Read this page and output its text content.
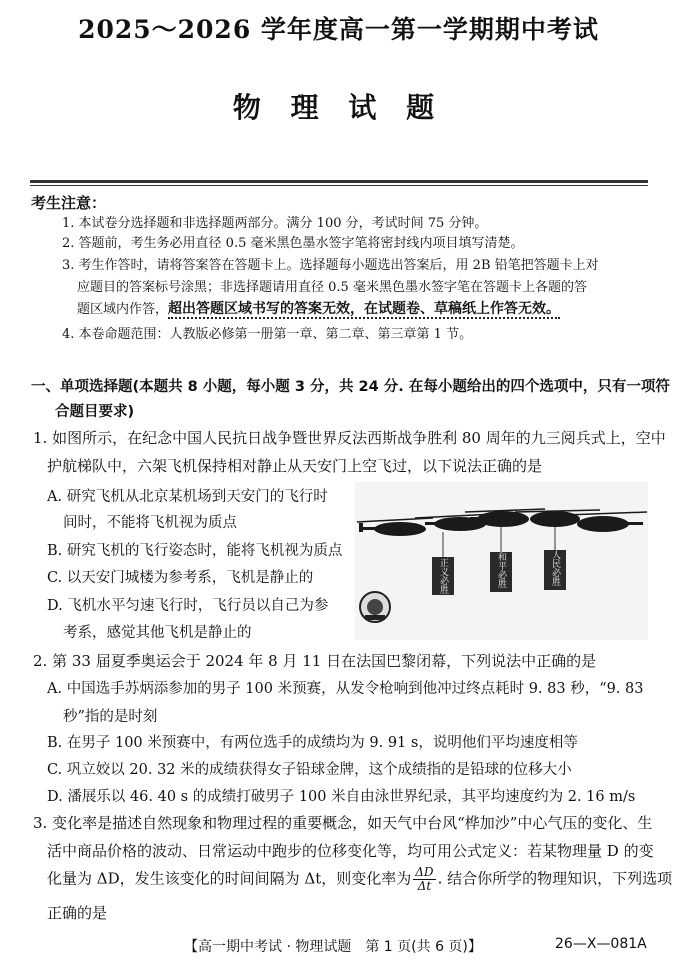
2025～2026 学年度高一第一学期期中考试
物 理 试 题
考生注意：
1. 本试卷分选择题和非选择题两部分。满分 100 分，考试时间 75 分钟。
2. 答题前，考生务必用直径 0.5 毫米黑色墨水签字笔将密封线内项目填写清楚。
3. 考生作答时，请将答案答在答题卡上。选择题每小题选出答案后，用 2B 铅笔把答题卡上对
应题目的答案标号涂黑；非选择题请用直径 0.5 毫米黑色墨水签字笔在答题卡上各题的答
题区域内作答，超出答题区域书写的答案无效，在试题卷、草稿纸上作答无效。
4. 本卷命题范围：人教版必修第一册第一章、第二章、第三章第 1 节。
一、单项选择题(本题共 8 小题，每小题 3 分，共 24 分. 在每小题给出的四个选项中，只有一项符
合题目要求)
1. 如图所示，在纪念中国人民抗日战争暨世界反法西斯战争胜利 80 周年的九三阅兵式上，空中
护航梯队中，六架飞机保持相对静止从天安门上空飞过，以下说法正确的是
A. 研究飞机从北京某机场到天安门的飞行时
间时，不能将飞机视为质点
B. 研究飞机的飞行姿态时，能将飞机视为质点
C. 以天安门城楼为参考系，飞机是静止的
D. 飞机水平匀速飞行时，飞行员以自己为参
考系，感觉其他飞机是静止的
正义必胜	和平必胜	人民必胜
2. 第 33 届夏季奥运会于 2024 年 8 月 11 日在法国巴黎闭幕，下列说法中正确的是
A. 中国选手苏炳添参加的男子 100 米预赛，从发令枪响到他冲过终点耗时 9. 83 秒，“9. 83
秒”指的是时刻
B. 在男子 100 米预赛中，有两位选手的成绩均为 9. 91 s，说明他们平均速度相等
C. 巩立姣以 20. 32 米的成绩获得女子铅球金牌，这个成绩指的是铅球的位移大小
D. 潘展乐以 46. 40 s 的成绩打破男子 100 米自由泳世界纪录，其平均速度约为 2. 16 m/s
3. 变化率是描述自然现象和物理过程的重要概念，如天气中台风“桦加沙”中心气压的变化、生
活中商品价格的波动、日常运动中跑步的位移变化等，均可用公式定义：若某物理量 D 的变
化量为 ΔD，发生该变化的时间间隔为 Δt，则变化率为 $\frac{\Delta D}{\Delta t}$ . 结合你所学的物理知识，下列选项
正确的是
【高一期中考试 · 物理试题　第 1 页(共 6 页)】	26—X—081A
